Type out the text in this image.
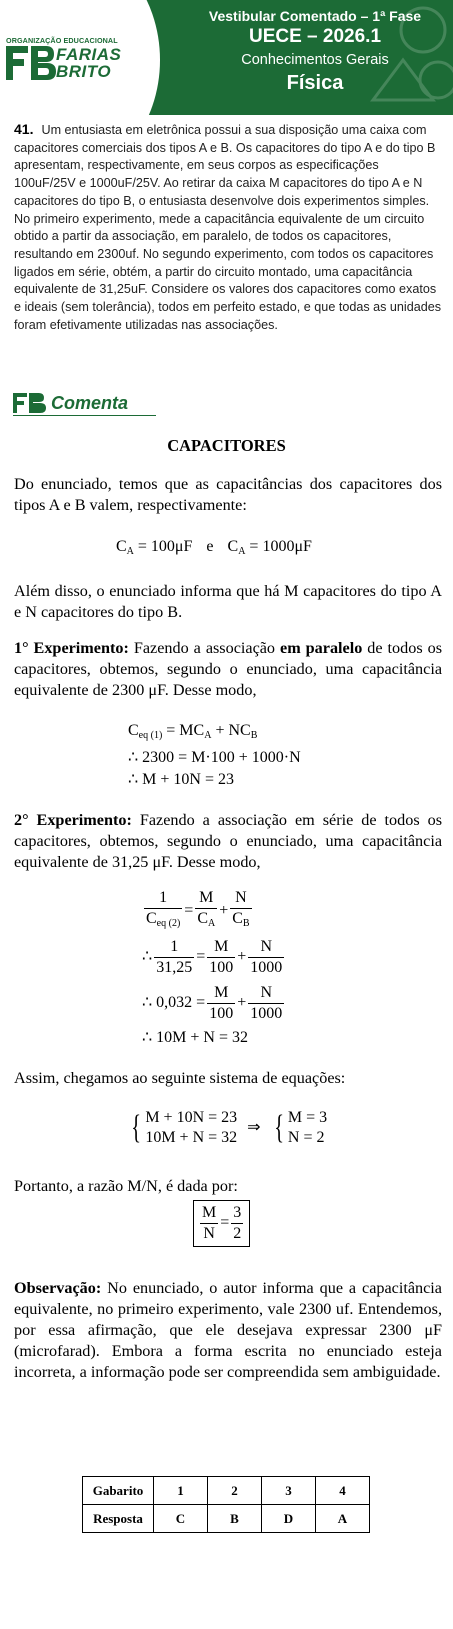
ORGANIZAÇÃO EDUCACIONAL
FARIAS
BRITO
Vestibular Comentado – 1ª Fase
UECE – 2026.1
Conhecimentos Gerais
Física
41. Um entusiasta em eletrônica possui a sua disposição uma caixa com capacitores comerciais dos tipos A e B. Os capacitores do tipo A e do tipo B apresentam, respectivamente, em seus corpos as especificações 100uF/25V e 1000uF/25V. Ao retirar da caixa M capacitores do tipo A e N capacitores do tipo B, o entusiasta desenvolve dois experimentos simples. No primeiro experimento, mede a capacitância equivalente de um circuito obtido a partir da associação, em paralelo, de todos os capacitores, resultando em 2300uf. No segundo experimento, com todos os capacitores ligados em série, obtém, a partir do circuito montado, uma capacitância equivalente de 31,25uF. Considere os valores dos capacitores como exatos e ideais (sem tolerância), todos em perfeito estado, e que todas as unidades foram efetivamente utilizadas nas associações.
Comenta
CAPACITORES
Do enunciado, temos que as capacitâncias dos capacitores dos tipos A e B valem, respectivamente:
$C_A = 100\mu F$ e $C_A = 1000\mu F$
Além disso, o enunciado informa que há M capacitores do tipo A e N capacitores do tipo B.
1° Experimento: Fazendo a associação em paralelo de todos os capacitores, obtemos, segundo o enunciado, uma capacitância equivalente de 2300 μF. Desse modo,
$C_{eq (1)} = MC_A + NC_B$
∴ 2300 = M·100 + 1000·N
∴ M + 10N = 23
2° Experimento: Fazendo a associação em série de todos os capacitores, obtemos, segundo o enunciado, uma capacitância equivalente de 31,25 μF. Desse modo,
$\frac{1}{C_{eq (2)}} = \frac{M}{C_A} + \frac{N}{C_B}$
∴ $\frac{1}{31,25} = \frac{M}{100} + \frac{N}{1000}$
∴ $0,032 = \frac{M}{100} + \frac{N}{1000}$
∴ 10M + N = 32
Assim, chegamos ao seguinte sistema de equações:
{ M + 10N = 23
10M + N = 32
⇒ { M = 3
N = 2
Portanto, a razão M/N, é dada por:
$\frac{M}{N} = \frac{3}{2}$
Observação: No enunciado, o autor informa que a capacitância equivalente, no primeiro experimento, vale 2300 uf. Entendemos, por essa afirmação, que ele desejava expressar 2300 μF (microfarad). Embora a forma escrita no enunciado esteja incorreta, a informação pode ser compreendida sem ambiguidade.
Gabarito	1	2	3	4
Resposta	C	B	D	A
